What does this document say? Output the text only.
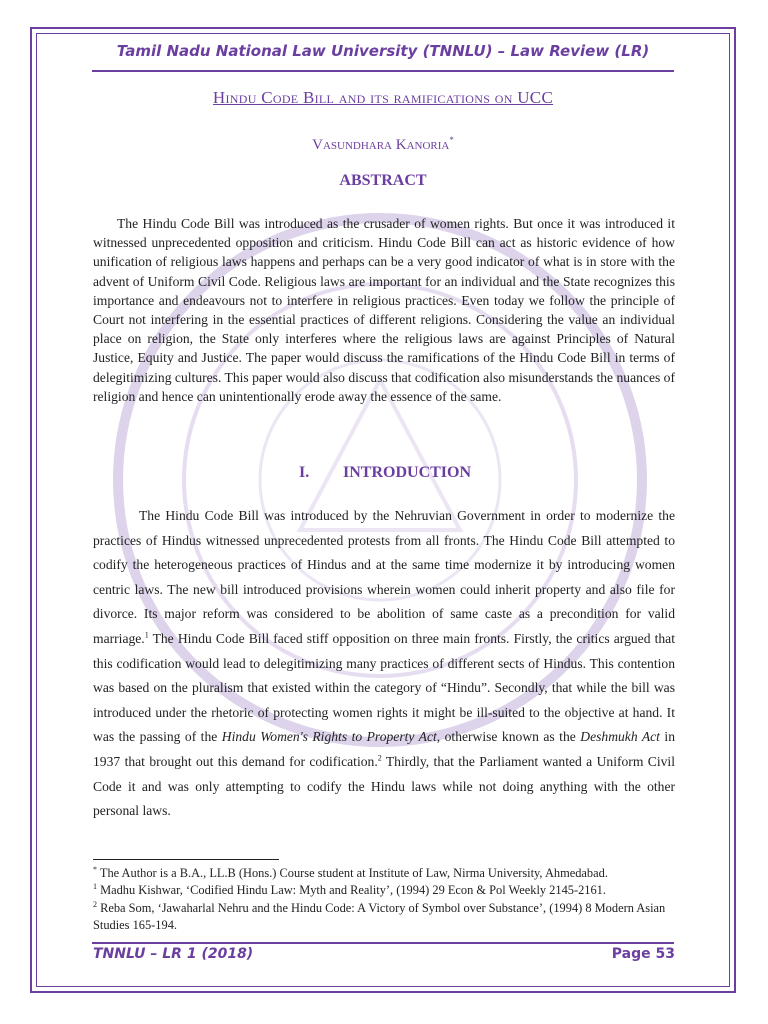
Tamil Nadu National Law University (TNNLU) – Law Review (LR)
Hindu Code Bill and its ramifications on UCC
Vasundhara Kanoria*
ABSTRACT

The Hindu Code Bill was introduced as the crusader of women rights. But once it was introduced it witnessed unprecedented opposition and criticism. Hindu Code Bill can act as historic evidence of how unification of religious laws happens and perhaps can be a very good indicator of what is in store with the advent of Uniform Civil Code. Religious laws are important for an individual and the State recognizes this importance and endeavours not to interfere in religious practices. Even today we follow the principle of Court not interfering in the essential practices of different religions. Considering the value an individual place on religion, the State only interferes where the religious laws are against Principles of Natural Justice, Equity and Justice. The paper would discuss the ramifications of the Hindu Code Bill in terms of delegitimizing cultures. This paper would also discuss that codification also misunderstands the nuances of religion and hence can unintentionally erode away the essence of the same.

I. INTRODUCTION

The Hindu Code Bill was introduced by the Nehruvian Government in order to modernize the practices of Hindus witnessed unprecedented protests from all fronts. The Hindu Code Bill attempted to codify the heterogeneous practices of Hindus and at the same time modernize it by introducing women centric laws. The new bill introduced provisions wherein women could inherit property and also file for divorce. Its major reform was considered to be abolition of same caste as a precondition for valid marriage.$^1$ The Hindu Code Bill faced stiff opposition on three main fronts. Firstly, the critics argued that this codification would lead to delegitimizing many practices of different sects of Hindus. This contention was based on the pluralism that existed within the category of “Hindu”. Secondly, that while the bill was introduced under the rhetoric of protecting women rights it might be ill-suited to the objective at hand. It was the passing of the Hindu Women's Rights to Property Act, otherwise known as the Deshmukh Act in 1937 that brought out this demand for codification.$^2$ Thirdly, that the Parliament wanted a Uniform Civil Code it and was only attempting to codify the Hindu laws while not doing anything with the other personal laws.

* The Author is a B.A., LL.B (Hons.) Course student at Institute of Law, Nirma University, Ahmedabad.

$^1$ Madhu Kishwar, ‘Codified Hindu Law: Myth and Reality’, (1994) 29 Econ & Pol Weekly 2145-2161.

$^2$ Reba Som, ‘Jawaharlal Nehru and the Hindu Code: A Victory of Symbol over Substance’, (1994) 8 Modern Asian Studies 165-194.

TNNLU – LR 1 (2018)	Page 53
